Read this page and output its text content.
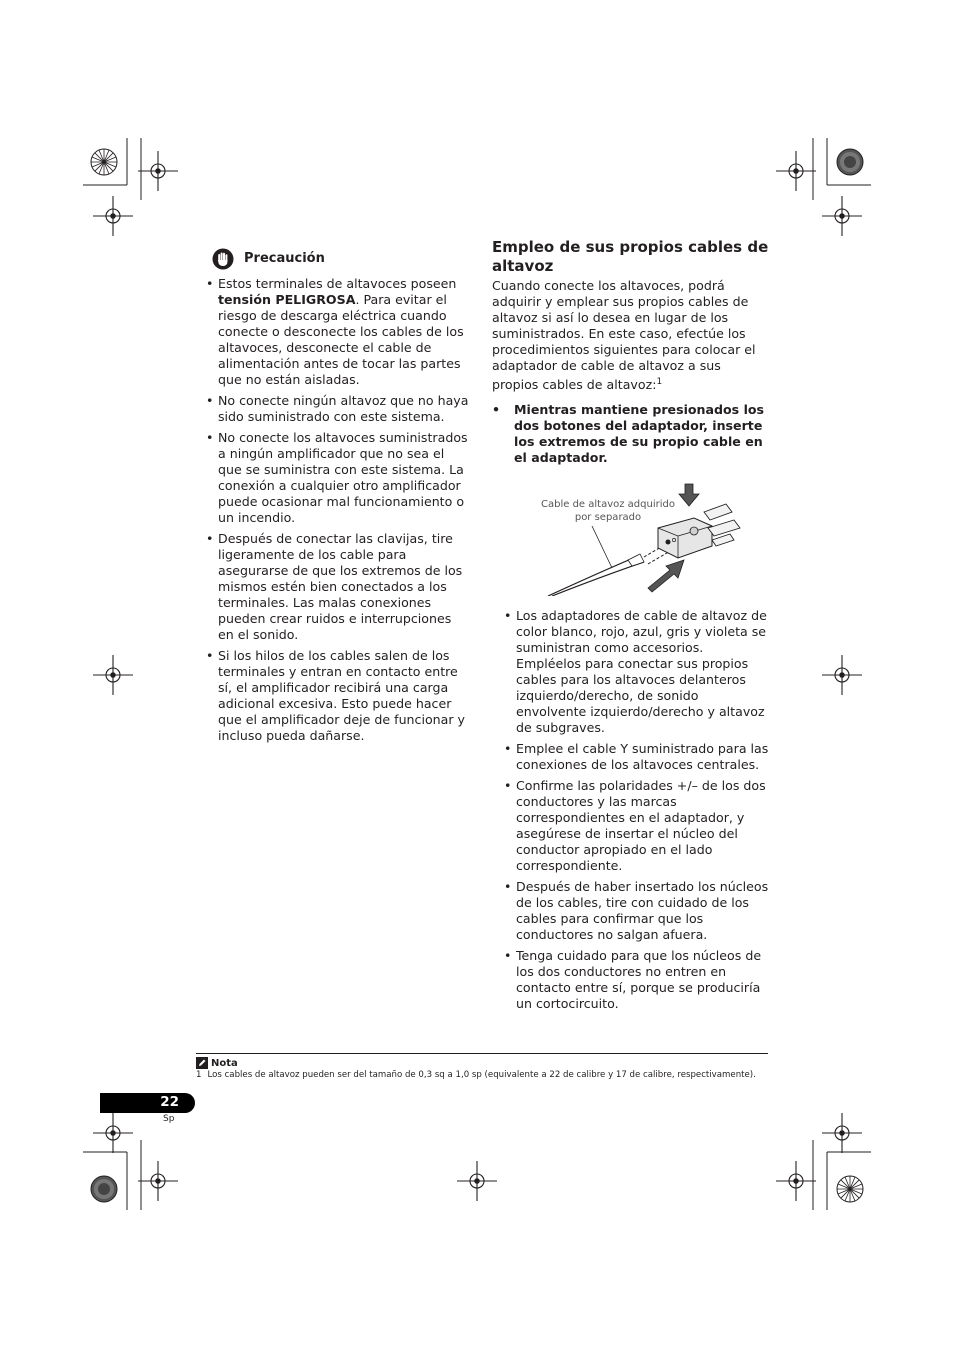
Precaución
• Estos terminales de altavoces poseen tensión PELIGROSA. Para evitar el riesgo de descarga eléctrica cuando conecte o desconecte los cables de los altavoces, desconecte el cable de alimentación antes de tocar las partes que no están aisladas.
• No conecte ningún altavoz que no haya sido suministrado con este sistema.
• No conecte los altavoces suministrados a ningún amplificador que no sea el que se suministra con este sistema. La conexión a cualquier otro amplificador puede ocasionar mal funcionamiento o un incendio.
• Después de conectar las clavijas, tire ligeramente de los cable para asegurarse de que los extremos de los mismos estén bien conectados a los terminales. Las malas conexiones pueden crear ruidos e interrupciones en el sonido.
• Si los hilos de los cables salen de los terminales y entran en contacto entre sí, el amplificador recibirá una carga adicional excesiva. Esto puede hacer que el amplificador deje de funcionar y incluso pueda dañarse.
Empleo de sus propios cables de altavoz

Cuando conecte los altavoces, podrá adquirir y emplear sus propios cables de altavoz si así lo desea en lugar de los suministrados. En este caso, efectúe los procedimientos siguientes para colocar el adaptador de cable de altavoz a sus propios cables de altavoz:$^1$

• Mientras mantiene presionados los dos botones del adaptador, inserte los extremos de su propio cable en el adaptador.

Cable de altavoz adquirido por separado
• Los adaptadores de cable de altavoz de color blanco, rojo, azul, gris y violeta se suministran como accesorios. Empléelos para conectar sus propios cables para los altavoces delanteros izquierdo/derecho, de sonido envolvente izquierdo/derecho y altavoz de subgraves.
• Emplee el cable Y suministrado para las conexiones de los altavoces centrales.
• Confirme las polaridades +/– de los dos conductores y las marcas correspondientes en el adaptador, y asegúrese de insertar el núcleo del conductor apropiado en el lado correspondiente.
• Después de haber insertado los núcleos de los cables, tire con cuidado de los cables para confirmar que los conductores no salgan afuera.
• Tenga cuidado para que los núcleos de los dos conductores no entren en contacto entre sí, porque se produciría un cortocircuito.
Nota
1 Los cables de altavoz pueden ser del tamaño de 0,3 sq a 1,0 sp (equivalente a 22 de calibre y 17 de calibre, respectivamente).
22
Sp
